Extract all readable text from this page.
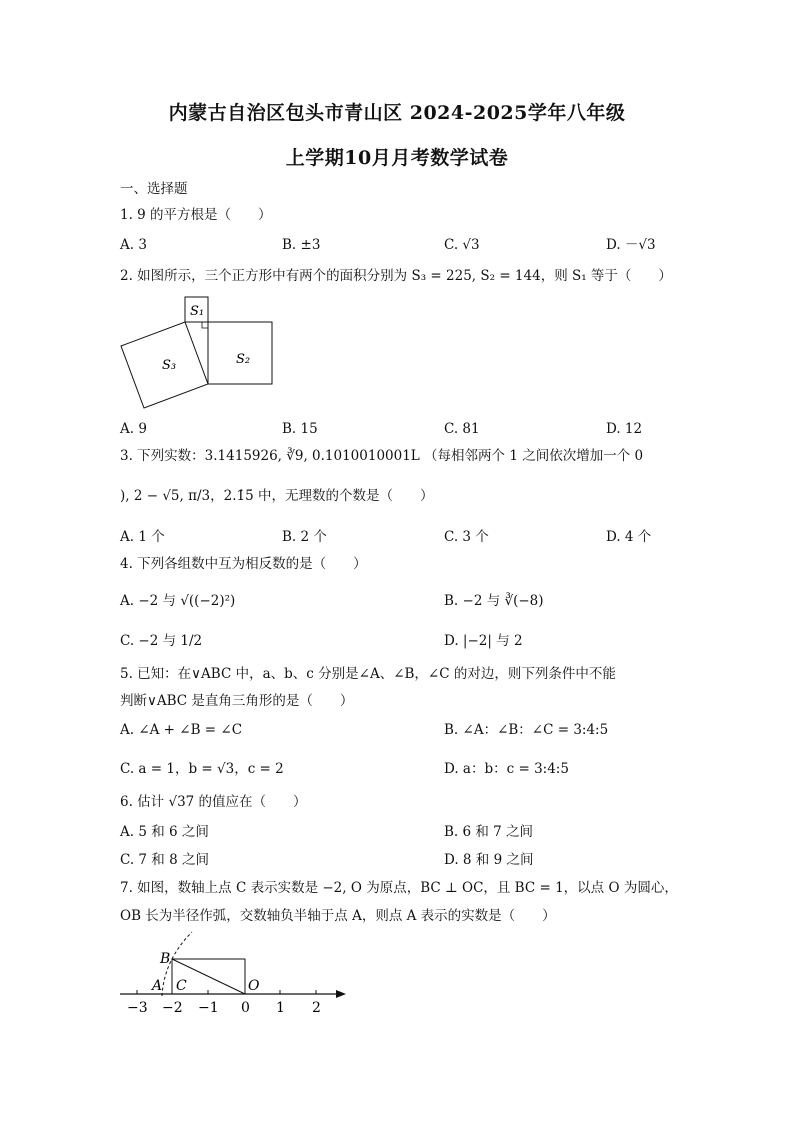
内蒙古自治区包头市青山区 2024-2025学年八年级
上学期10月月考数学试卷
一、选择题
1. 9 的平方根是（　　）
A. 3	B. ±3	C. √3	D. －√3
2. 如图所示，三个正方形中有两个的面积分别为 S₃ = 225, S₂ = 144，则 S₁ 等于（　　）
S₁
S₃	S₂
A. 9	B. 15	C. 81	D. 12
3. 下列实数：3.1415926, ∛9, 0.1010010001L （每相邻两个 1 之间依次增加一个 0
), 2 − √5, π/3，2.1̇5̇ 中，无理数的个数是（　　）
A. 1 个	B. 2 个	C. 3 个	D. 4 个
4. 下列各组数中互为相反数的是（　　）
A. −2 与 √((−2)²)	B. −2 与 ∛(−8)
C. −2 与 1/2	D. |−2| 与 2
5. 已知：在∨ABC 中，a、b、c 分别是∠A、∠B，∠C 的对边，则下列条件中不能
判断∨ABC 是直角三角形的是（　　）
A. ∠A + ∠B = ∠C	B. ∠A：∠B：∠C = 3:4:5
C. a = 1，b = √3，c = 2	D. a：b：c = 3:4:5
6. 估计 √37 的值应在（　　）
A. 5 和 6 之间	B. 6 和 7 之间
C. 7 和 8 之间	D. 8 和 9 之间
7. 如图，数轴上点 C 表示实数是 −2, O 为原点，BC ⊥ OC，且 BC = 1，以点 O 为圆心，
OB 长为半径作弧，交数轴负半轴于点 A，则点 A 表示的实数是（　　）
B
A C	O
−3 −2 −1 0 1 2
